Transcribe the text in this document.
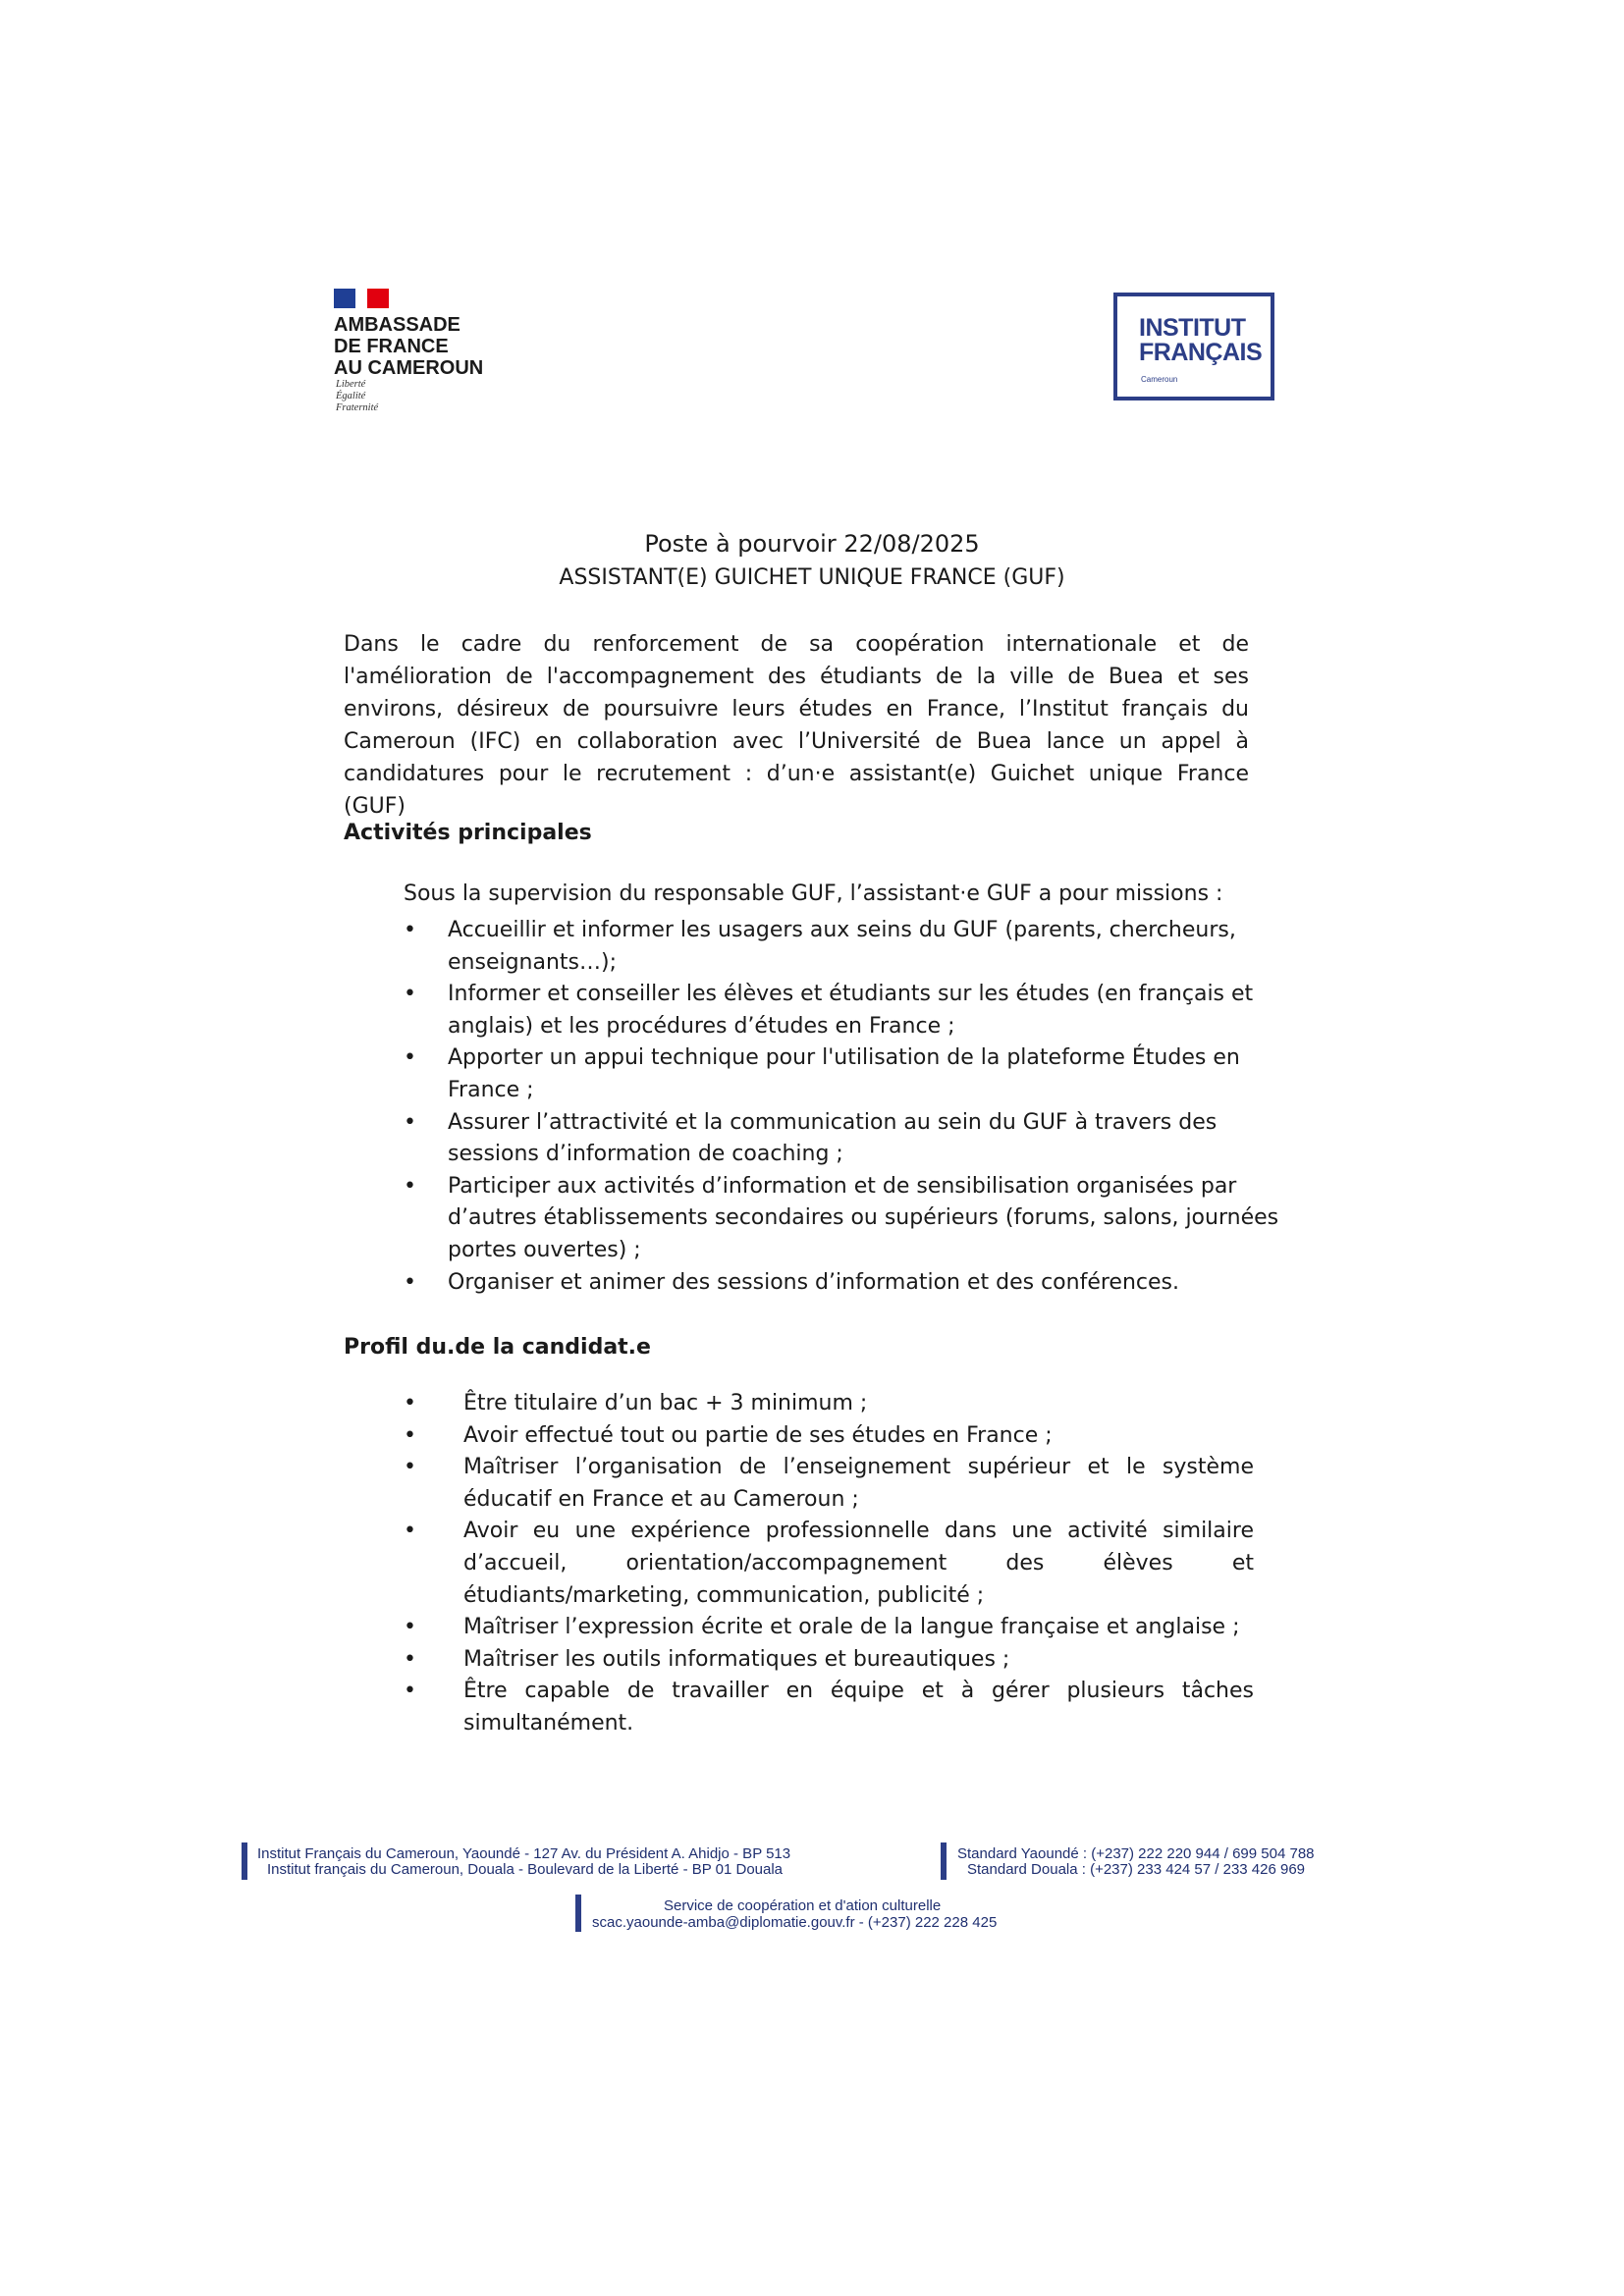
AMBASSADE
DE FRANCE
AU CAMEROUN
Liberté
Égalité
Fraternité
INSTITUT
FRANÇAIS
Cameroun
Poste à pourvoir 22/08/2025
ASSISTANT(E) GUICHET UNIQUE FRANCE (GUF)
Dans le cadre du renforcement de sa coopération internationale et de l'amélioration de l'accompagnement des étudiants de la ville de Buea et ses environs, désireux de poursuivre leurs études en France, l’Institut français du Cameroun (IFC) en collaboration avec l’Université de Buea lance un appel à candidatures pour le recrutement : d’un·e assistant(e) Guichet unique France (GUF)
Activités principales
Sous la supervision du responsable GUF, l’assistant·e GUF a pour missions :
• Accueillir et informer les usagers aux seins du GUF (parents, chercheurs, enseignants…);
• Informer et conseiller les élèves et étudiants sur les études (en français et anglais) et les procédures d’études en France ;
• Apporter un appui technique pour l'utilisation de la plateforme Études en France ;
• Assurer l’attractivité et la communication au sein du GUF à travers des sessions d’information de coaching ;
• Participer aux activités d’information et de sensibilisation organisées par d’autres établissements secondaires ou supérieurs (forums, salons, journées portes ouvertes) ;
• Organiser et animer des sessions d’information et des conférences.
Profil du.de la candidat.e
• Être titulaire d’un bac + 3 minimum ;
• Avoir effectué tout ou partie de ses études en France ;
• Maîtriser l’organisation de l’enseignement supérieur et le système éducatif en France et au Cameroun ;
• Avoir eu une expérience professionnelle dans une activité similaire d’accueil, orientation/accompagnement des élèves et étudiants/marketing, communication, publicité ;
• Maîtriser l’expression écrite et orale de la langue française et anglaise ;
• Maîtriser les outils informatiques et bureautiques ;
• Être capable de travailler en équipe et à gérer plusieurs tâches simultanément.
Institut Français du Cameroun, Yaoundé - 127 Av. du Président A. Ahidjo - BP 513
Institut français du Cameroun, Douala - Boulevard de la Liberté - BP 01 Douala
Standard Yaoundé : (+237) 222 220 944 / 699 504 788
Standard Douala : (+237) 233 424 57 / 233 426 969
Service de coopération et d'ation culturelle
scac.yaounde-amba@diplomatie.gouv.fr - (+237) 222 228 425
